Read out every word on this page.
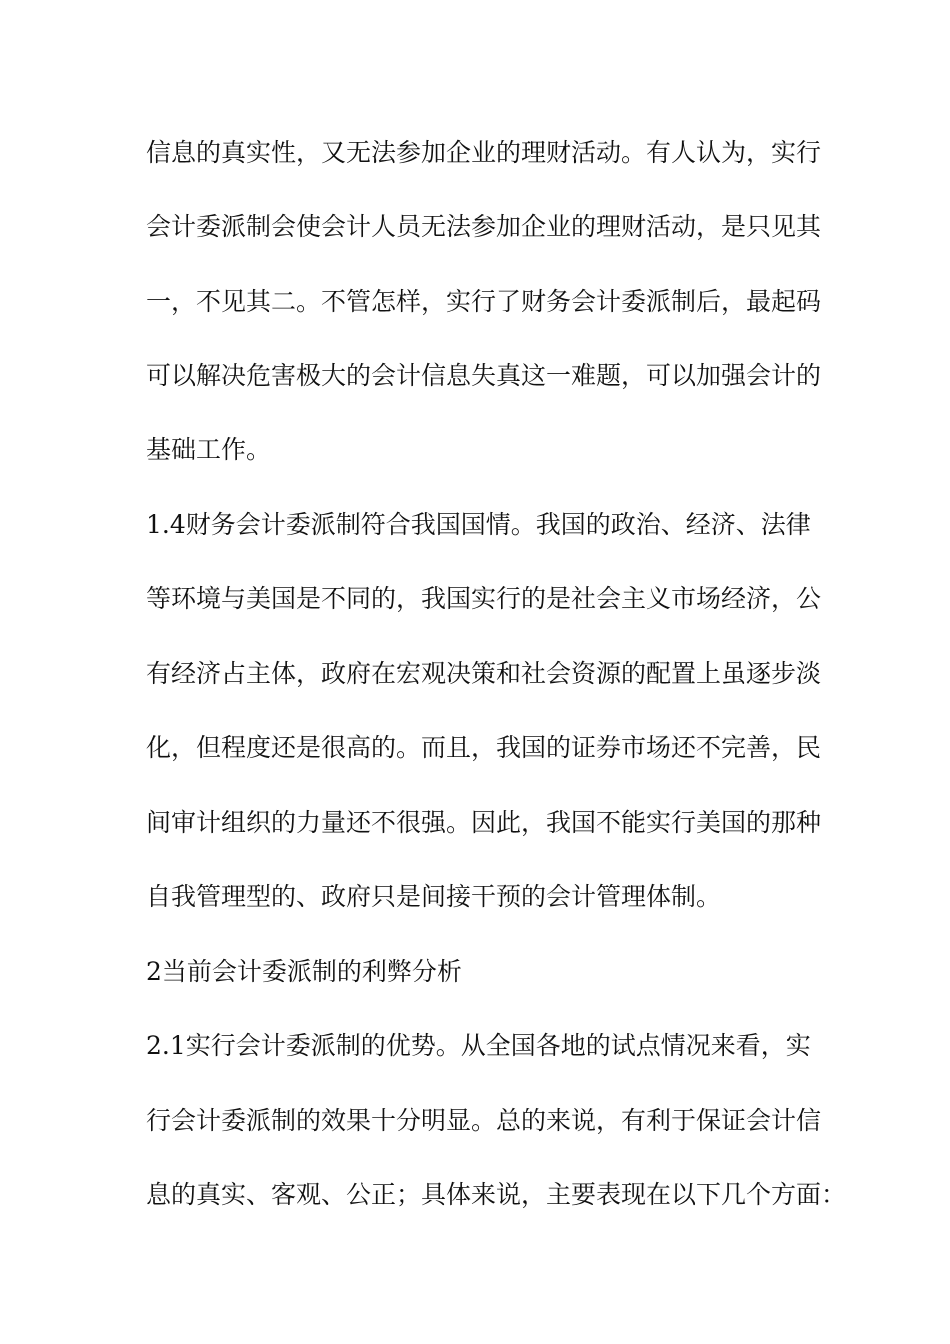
信息的真实性，又无法参加企业的理财活动。有人认为，实行
会计委派制会使会计人员无法参加企业的理财活动，是只见其
一，不见其二。不管怎样，实行了财务会计委派制后，最起码
可以解决危害极大的会计信息失真这一难题，可以加强会计的
基础工作。
1.4财务会计委派制符合我国国情。我国的政治、经济、法律
等环境与美国是不同的，我国实行的是社会主义市场经济，公
有经济占主体，政府在宏观决策和社会资源的配置上虽逐步淡
化，但程度还是很高的。而且，我国的证券市场还不完善，民
间审计组织的力量还不很强。因此，我国不能实行美国的那种
自我管理型的、政府只是间接干预的会计管理体制。
2当前会计委派制的利弊分析
2.1实行会计委派制的优势。从全国各地的试点情况来看，实
行会计委派制的效果十分明显。总的来说，有利于保证会计信
息的真实、客观、公正；具体来说，主要表现在以下几个方面：
